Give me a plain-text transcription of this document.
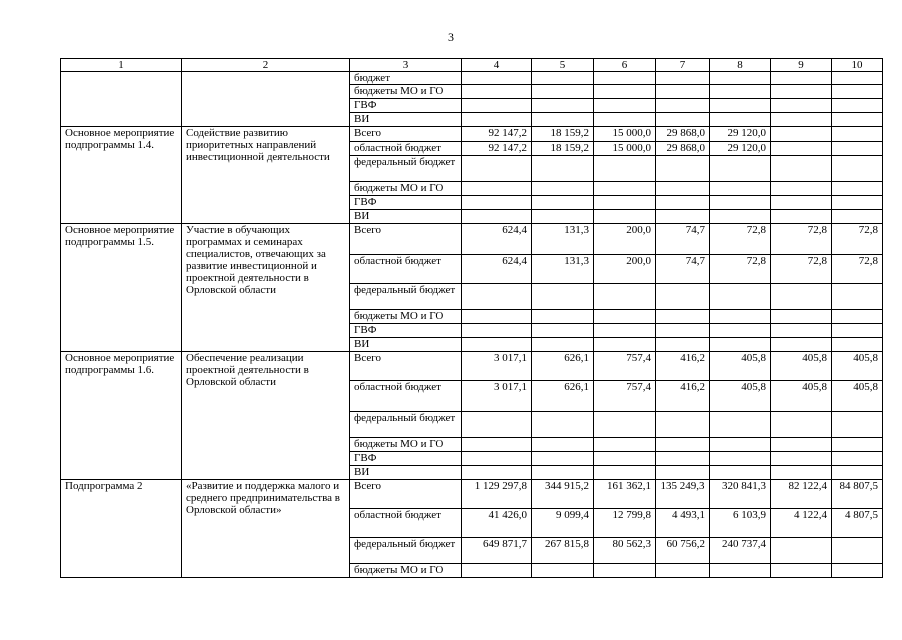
3
1	2	3	4	5	6	7	8	9	10
		бюджет							
		бюджеты МО и ГО							
		ГВФ							
		ВИ							
Основное мероприятие подпрограммы 1.4.	Содействие развитию приоритетных направлений инвестиционной деятельности	Всего	92 147,2	18 159,2	15 000,0	29 868,0	29 120,0		
		областной бюджет	92 147,2	18 159,2	15 000,0	29 868,0	29 120,0		
		федеральный бюджет							
		бюджеты МО и ГО							
		ГВФ							
		ВИ							
Основное мероприятие подпрограммы 1.5.	Участие в обучающих программах и семинарах специалистов, отвечающих за развитие инвестиционной и проектной деятельности в Орловской области	Всего	624,4	131,3	200,0	74,7	72,8	72,8	72,8
		областной бюджет	624,4	131,3	200,0	74,7	72,8	72,8	72,8
		федеральный бюджет							
		бюджеты МО и ГО							
		ГВФ							
		ВИ							
Основное мероприятие подпрограммы 1.6.	Обеспечение реализации проектной деятельности в Орловской области	Всего	3 017,1	626,1	757,4	416,2	405,8	405,8	405,8
		областной бюджет	3 017,1	626,1	757,4	416,2	405,8	405,8	405,8
		федеральный бюджет							
		бюджеты МО и ГО							
		ГВФ							
		ВИ							
Подпрограмма 2	«Развитие и поддержка малого и среднего предпринимательства в Орловской области»	Всего	1 129 297,8	344 915,2	161 362,1	135 249,3	320 841,3	82 122,4	84 807,5
		областной бюджет	41 426,0	9 099,4	12 799,8	4 493,1	6 103,9	4 122,4	4 807,5
		федеральный бюджет	649 871,7	267 815,8	80 562,3	60 756,2	240 737,4		
		бюджеты МО и ГО							
